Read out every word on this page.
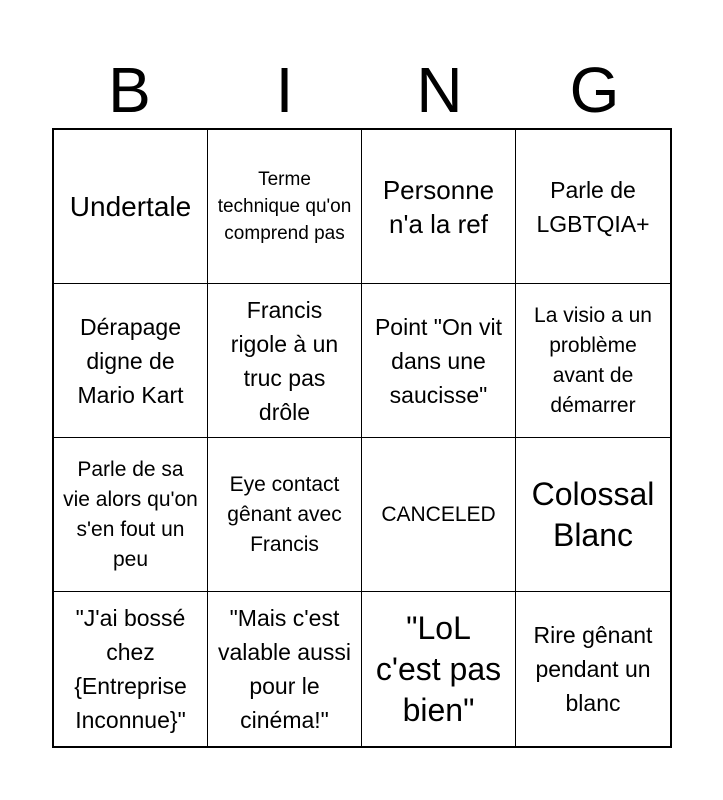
B	I	N	G
Undertale
Terme technique qu'on comprend pas
Personne n'a la ref
Parle de LGBTQIA+
Dérapage digne de Mario Kart
Francis rigole à un truc pas drôle
Point "On vit dans une saucisse"
La visio a un problème avant de démarrer
Parle de sa vie alors qu'on s'en fout un peu
Eye contact gênant avec Francis
CANCELED
Colossal Blanc
"J'ai bossé chez {Entreprise Inconnue}"
"Mais c'est valable aussi pour le cinéma!"
"LoL c'est pas bien"
Rire gênant pendant un blanc
